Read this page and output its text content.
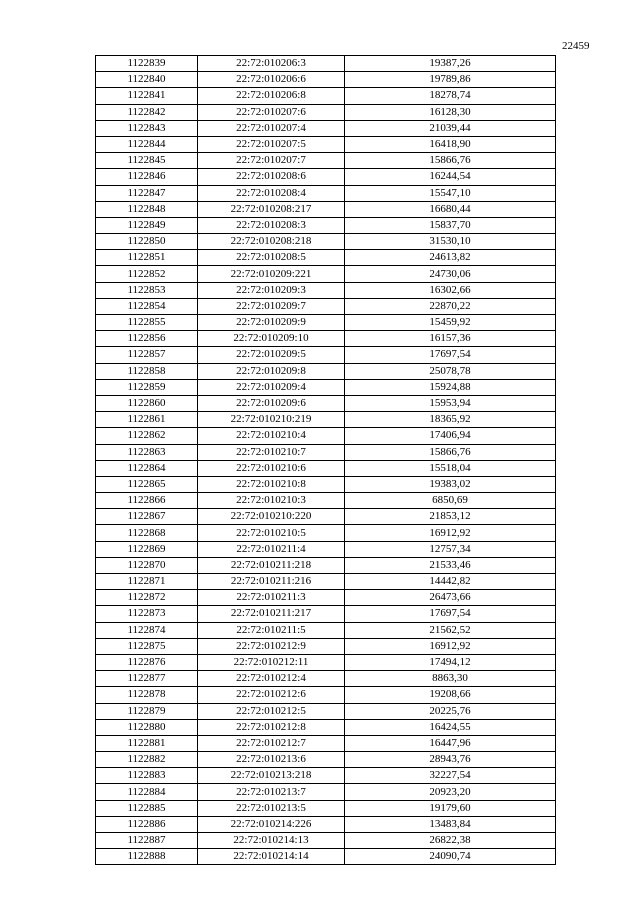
22459
1122839	22:72:010206:3	19387,26
1122840	22:72:010206:6	19789,86
1122841	22:72:010206:8	18278,74
1122842	22:72:010207:6	16128,30
1122843	22:72:010207:4	21039,44
1122844	22:72:010207:5	16418,90
1122845	22:72:010207:7	15866,76
1122846	22:72:010208:6	16244,54
1122847	22:72:010208:4	15547,10
1122848	22:72:010208:217	16680,44
1122849	22:72:010208:3	15837,70
1122850	22:72:010208:218	31530,10
1122851	22:72:010208:5	24613,82
1122852	22:72:010209:221	24730,06
1122853	22:72:010209:3	16302,66
1122854	22:72:010209:7	22870,22
1122855	22:72:010209:9	15459,92
1122856	22:72:010209:10	16157,36
1122857	22:72:010209:5	17697,54
1122858	22:72:010209:8	25078,78
1122859	22:72:010209:4	15924,88
1122860	22:72:010209:6	15953,94
1122861	22:72:010210:219	18365,92
1122862	22:72:010210:4	17406,94
1122863	22:72:010210:7	15866,76
1122864	22:72:010210:6	15518,04
1122865	22:72:010210:8	19383,02
1122866	22:72:010210:3	6850,69
1122867	22:72:010210:220	21853,12
1122868	22:72:010210:5	16912,92
1122869	22:72:010211:4	12757,34
1122870	22:72:010211:218	21533,46
1122871	22:72:010211:216	14442,82
1122872	22:72:010211:3	26473,66
1122873	22:72:010211:217	17697,54
1122874	22:72:010211:5	21562,52
1122875	22:72:010212:9	16912,92
1122876	22:72:010212:11	17494,12
1122877	22:72:010212:4	8863,30
1122878	22:72:010212:6	19208,66
1122879	22:72:010212:5	20225,76
1122880	22:72:010212:8	16424,55
1122881	22:72:010212:7	16447,96
1122882	22:72:010213:6	28943,76
1122883	22:72:010213:218	32227,54
1122884	22:72:010213:7	20923,20
1122885	22:72:010213:5	19179,60
1122886	22:72:010214:226	13483,84
1122887	22:72:010214:13	26822,38
1122888	22:72:010214:14	24090,74
